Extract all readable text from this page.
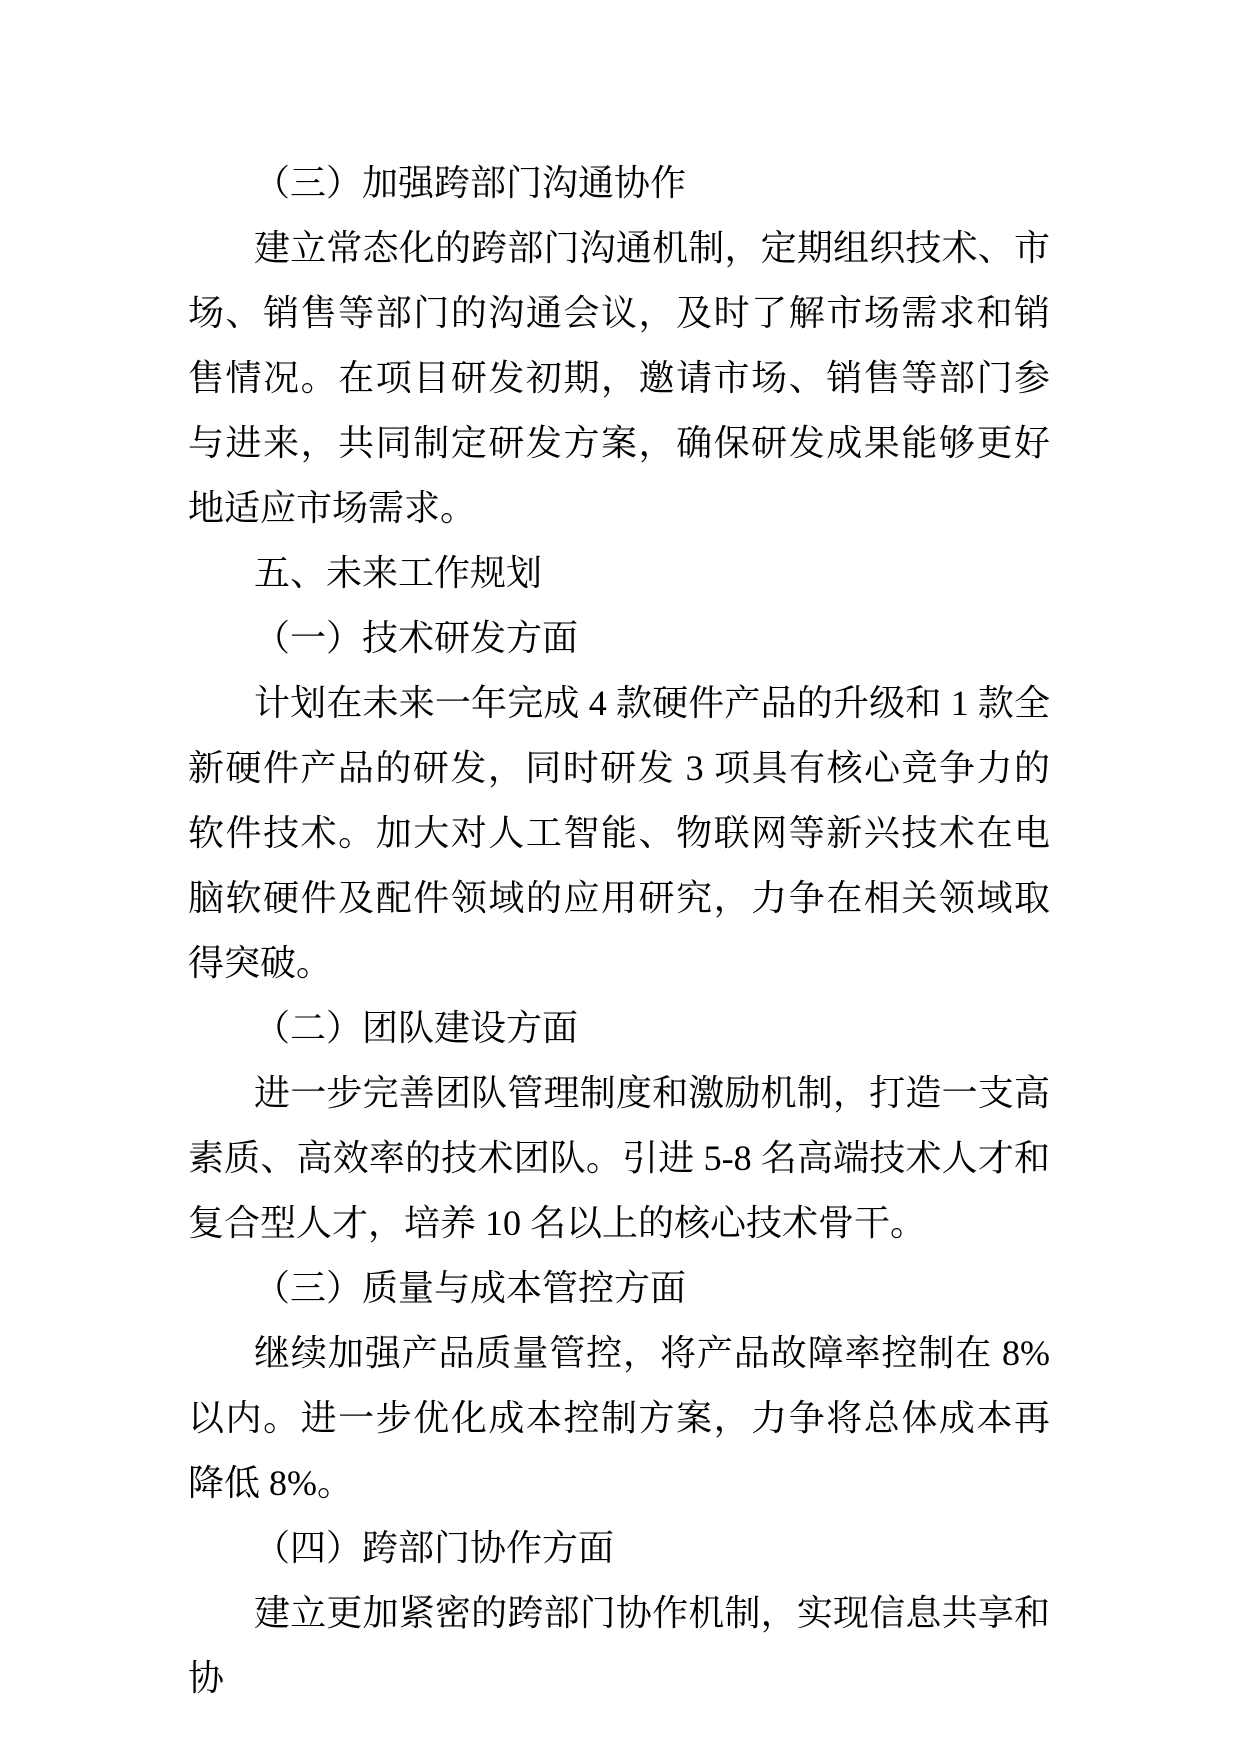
（三）加强跨部门沟通协作

建立常态化的跨部门沟通机制，定期组织技术、市场、销售等部门的沟通会议，及时了解市场需求和销售情况。在项目研发初期，邀请市场、销售等部门参与进来，共同制定研发方案，确保研发成果能够更好地适应市场需求。

五、未来工作规划

（一）技术研发方面

计划在未来一年完成 4 款硬件产品的升级和 1 款全新硬件产品的研发，同时研发 3 项具有核心竞争力的软件技术。加大对人工智能、物联网等新兴技术在电脑软硬件及配件领域的应用研究，力争在相关领域取得突破。

（二）团队建设方面

进一步完善团队管理制度和激励机制，打造一支高素质、高效率的技术团队。引进 5-8 名高端技术人才和复合型人才，培养 10 名以上的核心技术骨干。

（三）质量与成本管控方面

继续加强产品质量管控，将产品故障率控制在 8%以内。进一步优化成本控制方案，力争将总体成本再降低 8%。

（四）跨部门协作方面

建立更加紧密的跨部门协作机制，实现信息共享和协
